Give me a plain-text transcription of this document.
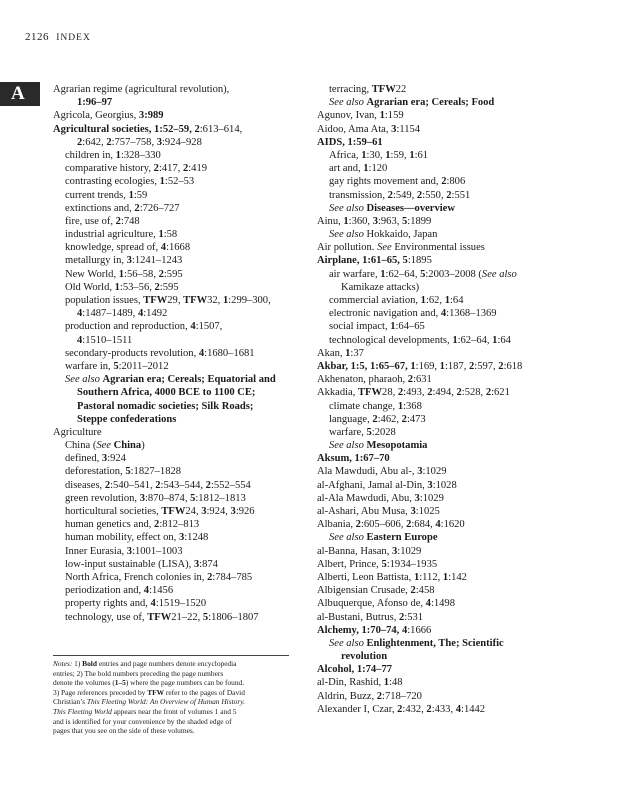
2126 INDEX
A	Agrarian regime (agricultural revolution),
1:96–97
Agricola, Georgius, 3:989
Agricultural societies, 1:52–59, 2:613–614,
2:642, 2:757–758, 3:924–928
children in, 1:328–330
comparative history, 2:417, 2:419
contrasting ecologies, 1:52–53
current trends, 1:59
extinctions and, 2:726–727
fire, use of, 2:748
industrial agriculture, 1:58
knowledge, spread of, 4:1668
metallurgy in, 3:1241–1243
New World, 1:56–58, 2:595
Old World, 1:53–56, 2:595
population issues, TFW29, TFW32, 1:299–300,
4:1487–1489, 4:1492
production and reproduction, 4:1507,
4:1510–1511
secondary-products revolution, 4:1680–1681
warfare in, 5:2011–2012
See also Agrarian era; Cereals; Equatorial and
Southern Africa, 4000 BCE to 1100 CE;
Pastoral nomadic societies; Silk Roads;
Steppe confederations
Agriculture
China (See China)
defined, 3:924
deforestation, 5:1827–1828
diseases, 2:540–541, 2:543–544, 2:552–554
green revolution, 3:870–874, 5:1812–1813
horticultural societies, TFW24, 3:924, 3:926
human genetics and, 2:812–813
human mobility, effect on, 3:1248
Inner Eurasia, 3:1001–1003
low-input sustainable (LISA), 3:874
North Africa, French colonies in, 2:784–785
periodization and, 4:1456
property rights and, 4:1519–1520
technology, use of, TFW21–22, 5:1806–1807
terracing, TFW22
See also Agrarian era; Cereals; Food
Agunov, Ivan, 1:159
Aidoo, Ama Ata, 3:1154
AIDS, 1:59–61
Africa, 1:30, 1:59, 1:61
art and, 1:120
gay rights movement and, 2:806
transmission, 2:549, 2:550, 2:551
See also Diseases—overview
Ainu, 1:360, 3:963, 5:1899
See also Hokkaido, Japan
Air pollution. See Environmental issues
Airplane, 1:61–65, 5:1895
air warfare, 1:62–64, 5:2003–2008 (See also
Kamikaze attacks)
commercial aviation, 1:62, 1:64
electronic navigation and, 4:1368–1369
social impact, 1:64–65
technological developments, 1:62–64, 1:64
Akan, 1:37
Akbar, 1:5, 1:65–67, 1:169, 1:187, 2:597, 2:618
Akhenaton, pharaoh, 2:631
Akkadia, TFW28, 2:493, 2:494, 2:528, 2:621
climate change, 1:368
language, 2:462, 2:473
warfare, 5:2028
See also Mesopotamia
Aksum, 1:67–70
Ala Mawdudi, Abu al-, 3:1029
al-Afghani, Jamal al-Din, 3:1028
al-Ala Mawdudi, Abu, 3:1029
al-Ashari, Abu Musa, 3:1025
Albania, 2:605–606, 2:684, 4:1620
See also Eastern Europe
al-Banna, Hasan, 3:1029
Albert, Prince, 5:1934–1935
Alberti, Leon Battista, 1:112, 1:142
Albigensian Crusade, 2:458
Albuquerque, Afonso de, 4:1498
al-Bustani, Butrus, 2:531
Alchemy, 1:70–74, 4:1666
See also Enlightenment, The; Scientific
revolution
Alcohol, 1:74–77
al-Din, Rashid, 1:48
Aldrin, Buzz, 2:718–720
Alexander I, Czar, 2:432, 2:433, 4:1442
Notes: 1) Bold entries and page numbers denote encyclopedia
entries; 2) The bold numbers preceding the page numbers
denote the volumes (1–5) where the page numbers can be found.
3) Page references preceded by TFW refer to the pages of David
Christian’s This Fleeting World: An Overview of Human History.
This Fleeting World appears near the front of volumes 1 and 5
and is identified for your convenience by the shaded edge of
pages that you see on the side of these volumes.
